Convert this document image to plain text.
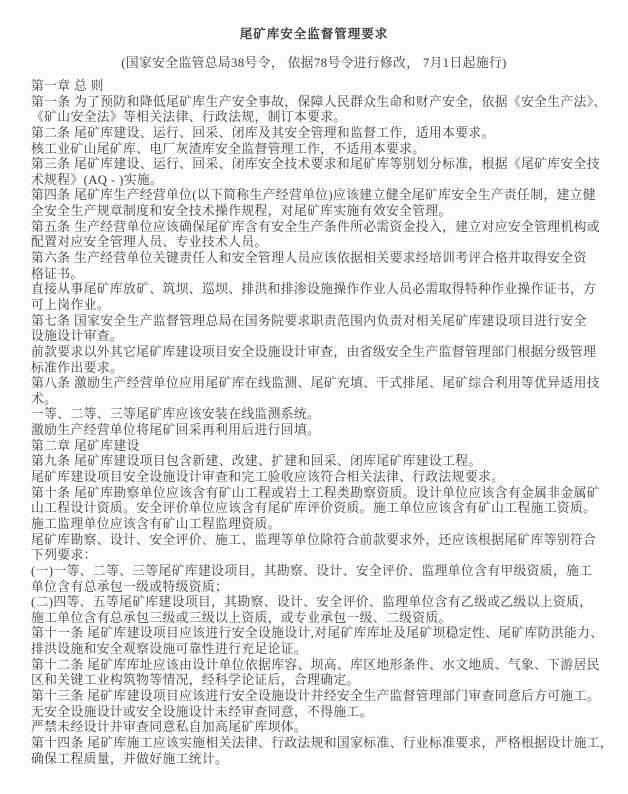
尾矿库安全监督管理要求
(国家安全监管总局38号令， 依据78号令进行修改， 7月1日起施行)
第一章 总 则
第一条 为了预防和降低尾矿库生产安全事故，保障人民群众生命和财产安全，依据《安全生产法》、
《矿山安全法》等相关法律、行政法规，制订本要求。
第二条 尾矿库建设、运行、回采、闭库及其安全管理和监督工作，适用本要求。
核工业矿山尾矿库、电厂灰渣库安全监督管理工作，不适用本要求。
第三条 尾矿库建设、运行、回采、闭库安全技术要求和尾矿库等别划分标准，根据《尾矿库安全技
术规程》(AQ - )实施。
第四条 尾矿库生产经营单位(以下简称生产经营单位)应该建立健全尾矿库安全生产责任制，建立健
全安全生产规章制度和安全技术操作规程，对尾矿库实施有效安全管理。
第五条 生产经营单位应该确保尾矿库含有安全生产条件所必需资金投入，建立对应安全管理机构或
配置对应安全管理人员、专业技术人员。
第六条 生产经营单位关键责任人和安全管理人员应该依据相关要求经培训考评合格并取得安全资
格证书。
直接从事尾矿库放矿、筑坝、巡坝、排洪和排渗设施操作作业人员必需取得特种作业操作证书，方
可上岗作业。
第七条 国家安全生产监督管理总局在国务院要求职责范围内负责对相关尾矿库建设项目进行安全
设施设计审查。
前款要求以外其它尾矿库建设项目安全设施设计审查，由省级安全生产监督管理部门根据分级管理
标准作出要求。
第八条 激励生产经营单位应用尾矿库在线监测、尾矿充填、干式排尾、尾矿综合利用等优异适用技
术。
一等、二等、三等尾矿库应该安装在线监测系统。
激励生产经营单位将尾矿回采再利用后进行回填。
第二章 尾矿库建设
第九条 尾矿库建设项目包含新建、改建、扩建和回采、闭库尾矿库建设工程。
尾矿库建设项目安全设施设计审查和完工验收应该符合相关法律、行政法规要求。
第十条 尾矿库勘察单位应该含有矿山工程或岩土工程类勘察资质。设计单位应该含有金属非金属矿
山工程设计资质。安全评价单位应该含有尾矿库评价资质。施工单位应该含有矿山工程施工资质。
施工监理单位应该含有矿山工程监理资质。
尾矿库勘察、设计、安全评价、施工、监理等单位除符合前款要求外，还应该根据尾矿库等别符合
下列要求：
(一)一等、二等、三等尾矿库建设项目，其勘察、设计、安全评价、监理单位含有甲级资质，施工
单位含有总承包一级或特级资质；
(二)四等、五等尾矿库建设项目，其勘察、设计、安全评价、监理单位含有乙级或乙级以上资质，
施工单位含有总承包三级或三级以上资质，或专业承包一级、二级资质。
第十一条 尾矿库建设项目应该进行安全设施设计,对尾矿库库址及尾矿坝稳定性、尾矿库防洪能力、
排洪设施和安全观察设施可靠性进行充足论证。
第十二条 尾矿库库址应该由设计单位依据库容、坝高、库区地形条件、水文地质、气象、下游居民
区和关键工业构筑物等情况，经科学论证后，合理确定。
第十三条 尾矿库建设项目应该进行安全设施设计并经安全生产监督管理部门审查同意后方可施工。
无安全设施设计或安全设施设计未经审查同意，不得施工。
严禁未经设计并审查同意私自加高尾矿库坝体。
第十四条 尾矿库施工应该实施相关法律、行政法规和国家标准、行业标准要求，严格根据设计施工，
确保工程质量，并做好施工统计。
